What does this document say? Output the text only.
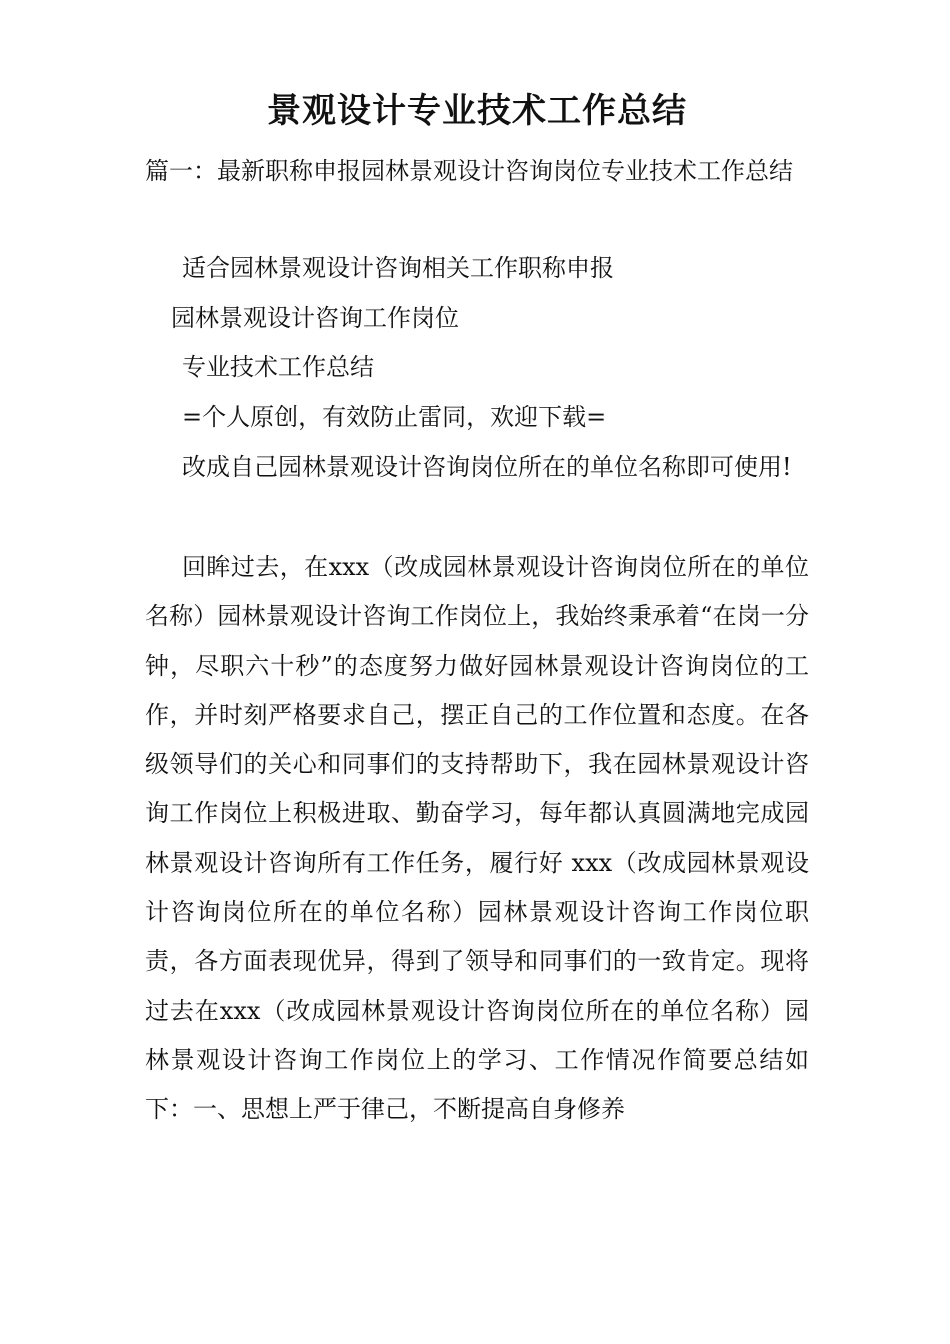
景观设计专业技术工作总结
篇一：最新职称申报园林景观设计咨询岗位专业技术工作总结
适合园林景观设计咨询相关工作职称申报
园林景观设计咨询工作岗位
专业技术工作总结
=个人原创，有效防止雷同，欢迎下载=
改成自己园林景观设计咨询岗位所在的单位名称即可使用!
回眸过去，在xxx（改成园林景观设计咨询岗位所在的单位名称）园林景观设计咨询工作岗位上，我始终秉承着“在岗一分钟，尽职六十秒”的态度努力做好园林景观设计咨询岗位的工作，并时刻严格要求自己，摆正自己的工作位置和态度。在各级领导们的关心和同事们的支持帮助下，我在园林景观设计咨询工作岗位上积极进取、勤奋学习，每年都认真圆满地完成园林景观设计咨询所有工作任务，履行好 xxx（改成园林景观设计咨询岗位所在的单位名称）园林景观设计咨询工作岗位职责，各方面表现优异，得到了领导和同事们的一致肯定。现将过去在xxx（改成园林景观设计咨询岗位所在的单位名称）园林景观设计咨询工作岗位上的学习、工作情况作简要总结如下：一、思想上严于律己，不断提高自身修养
